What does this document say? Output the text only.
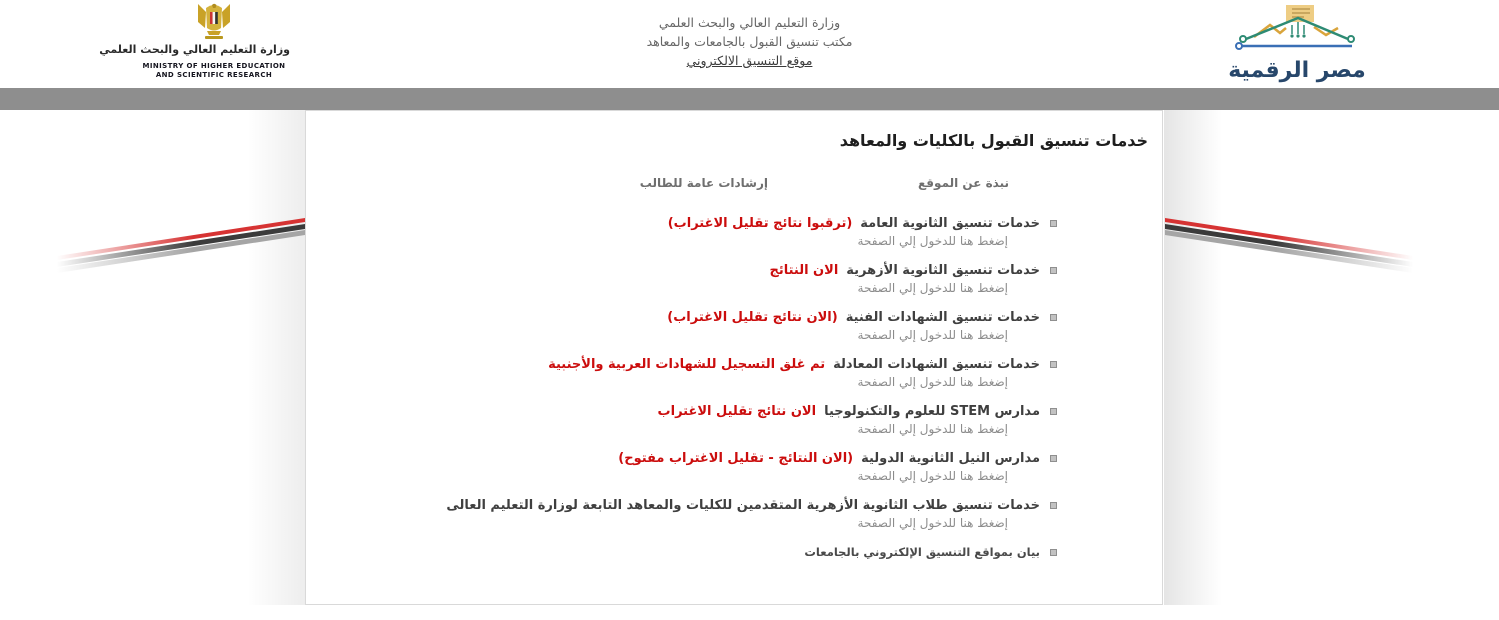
وزارة التعليم العالي والبحث العلمي
MINISTRY OF HIGHER EDUCATION
AND SCIENTIFIC RESEARCH
وزارة التعليم العالي والبحث العلمي
مكتب تنسيق القبول بالجامعات والمعاهد
موقع التنسيق الالكتروني	مصر الرقمية
خدمات تنسيق القبول بالكليات والمعاهد
نبذة عن الموقع
إرشادات عامة للطالب
خدمات تنسيق الثانوية العامة
(ترقبوا نتائج تقليل الاغتراب)
إضغط هنا للدخول إلي الصفحة
خدمات تنسيق الثانوية الأزهرية
الان النتائج
إضغط هنا للدخول إلي الصفحة
خدمات تنسيق الشهادات الفنية
(الان نتائج تقليل الاغتراب)
إضغط هنا للدخول إلي الصفحة
خدمات تنسيق الشهادات المعادلة
تم غلق التسجيل للشهادات العربية والأجنبية
إضغط هنا للدخول إلي الصفحة
مدارس STEM للعلوم والتكنولوجيا
الان نتائج تقليل الاغتراب
إضغط هنا للدخول إلي الصفحة
مدارس النيل الثانوية الدولية
(الان النتائج - تقليل الاغتراب مفتوح)
إضغط هنا للدخول إلي الصفحة
خدمات تنسيق طلاب الثانوية الأزهرية المتقدمين للكليات والمعاهد التابعة لوزارة التعليم العالى
إضغط هنا للدخول إلي الصفحة
بيان بمواقع التنسيق الإلكتروني بالجامعات
